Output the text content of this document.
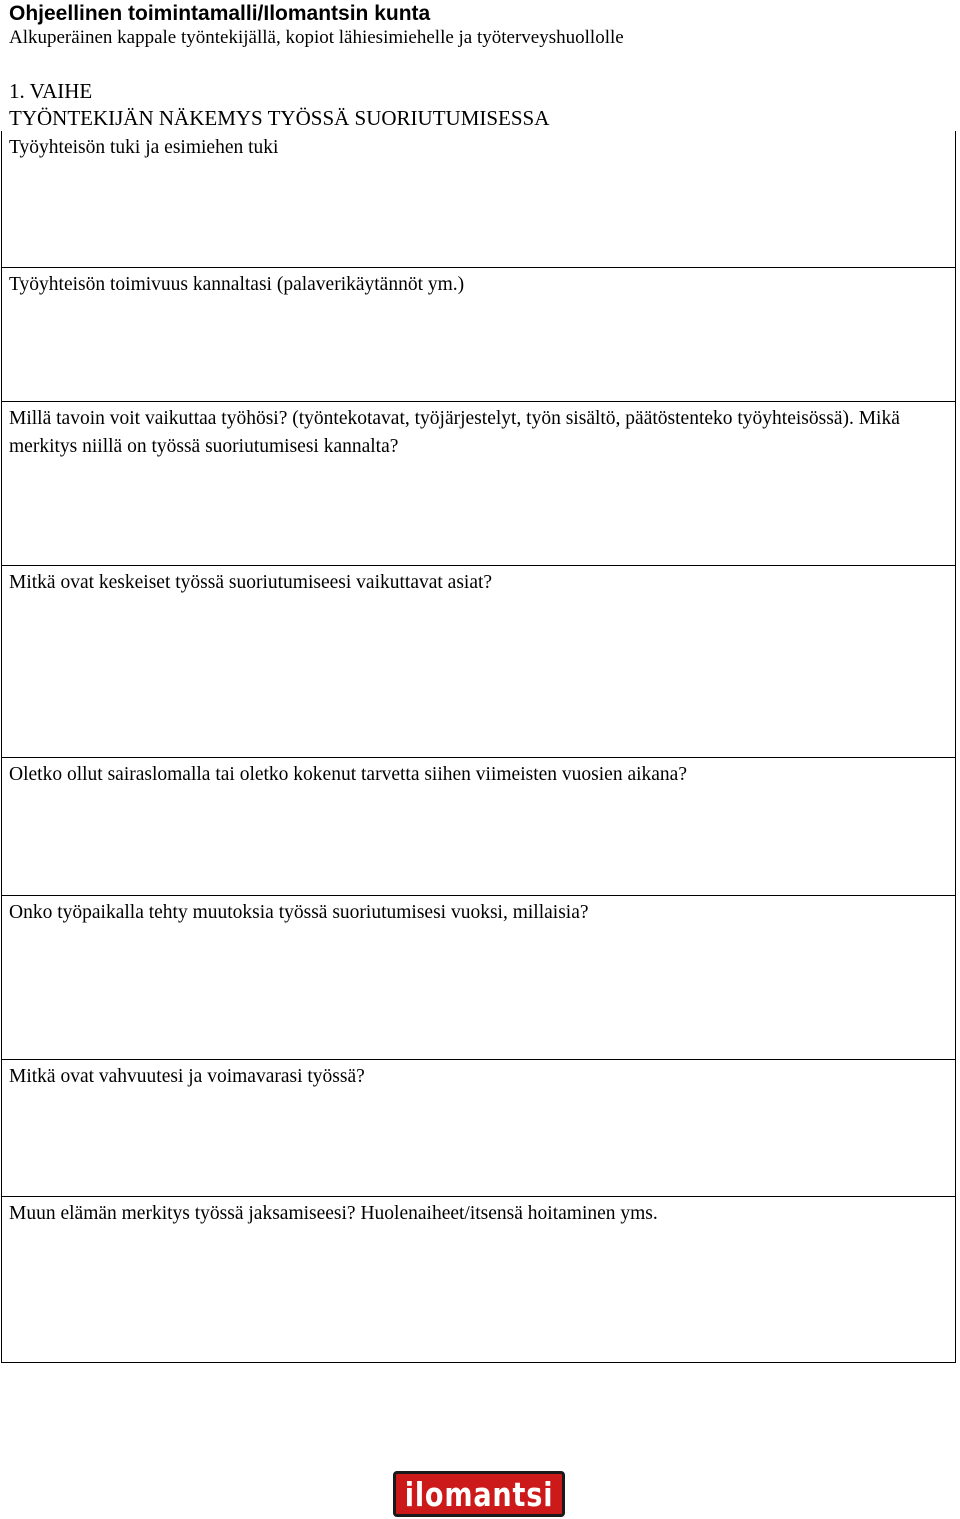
Ohjeellinen toimintamalli/Ilomantsin kunta
Alkuperäinen kappale työntekijällä, kopiot lähiesimiehelle ja työterveyshuollolle
1. VAIHE
TYÖNTEKIJÄN NÄKEMYS TYÖSSÄ SUORIUTUMISESSA
Työyhteisön tuki ja esimiehen tuki
Työyhteisön toimivuus kannaltasi (palaverikäytännöt ym.)
Millä tavoin voit vaikuttaa työhösi? (työntekotavat, työjärjestelyt, työn sisältö, päätöstenteko työyhteisössä). Mikä merkitys niillä on työssä suoriutumisesi kannalta?
Mitkä ovat keskeiset työssä suoriutumiseesi vaikuttavat asiat?
Oletko ollut sairaslomalla tai oletko kokenut tarvetta siihen viimeisten vuosien aikana?
Onko työpaikalla tehty muutoksia työssä suoriutumisesi vuoksi, millaisia?
Mitkä ovat vahvuutesi ja voimavarasi työssä?
Muun elämän merkitys työssä jaksamiseesi? Huolenaiheet/itsensä hoitaminen yms.
ilomantsi
